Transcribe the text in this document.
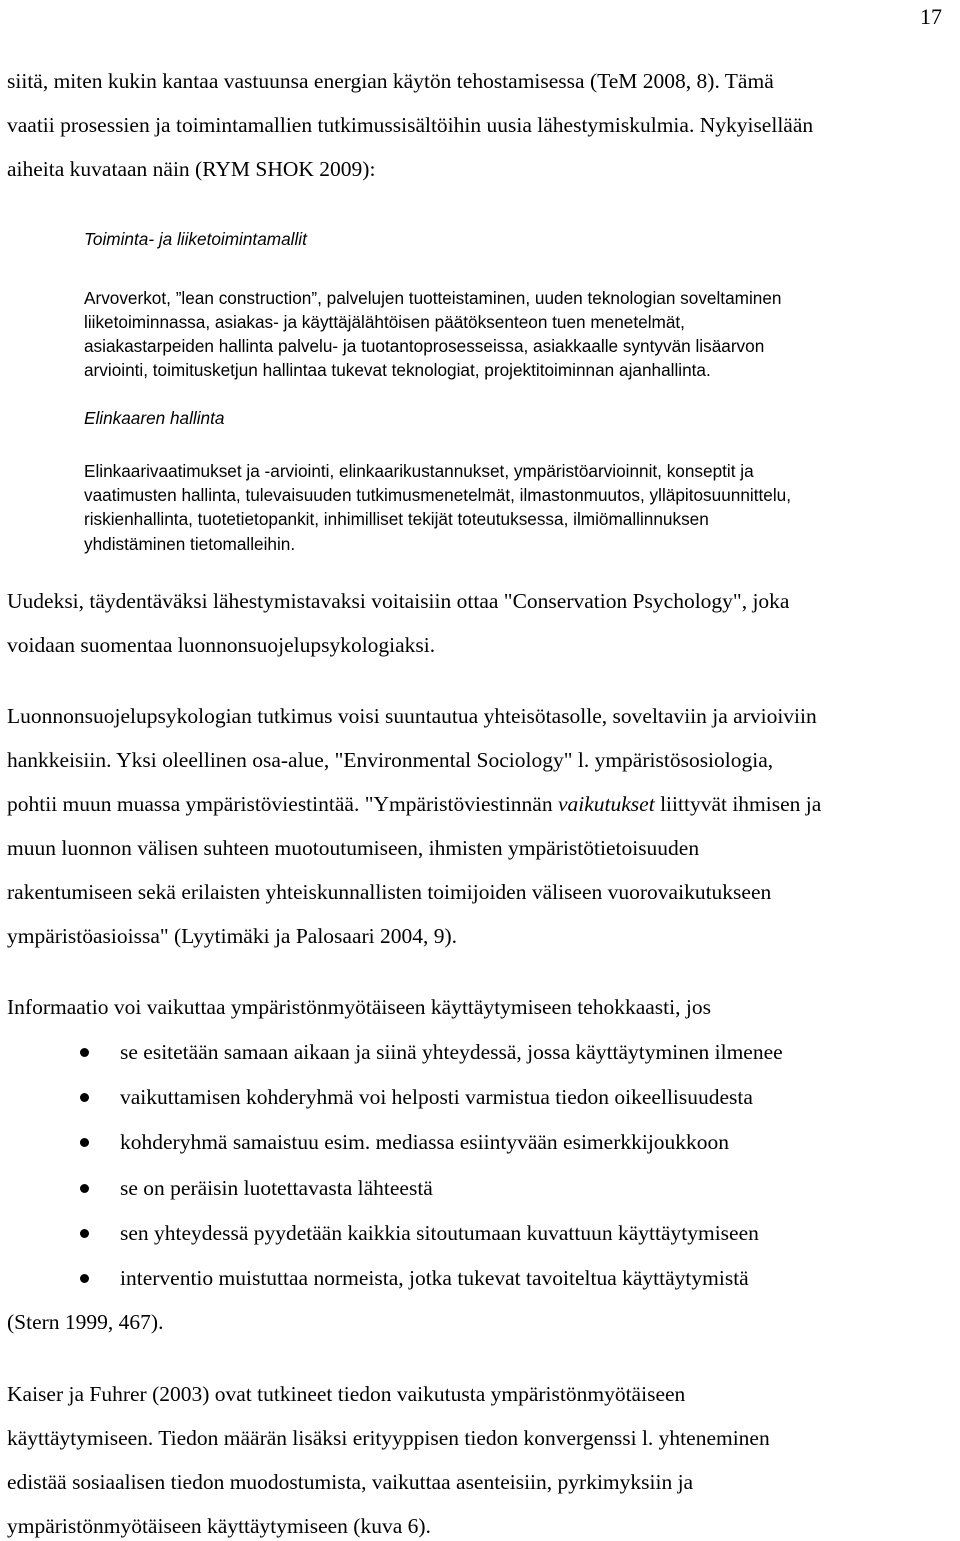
17
siitä, miten kukin kantaa vastuunsa energian käytön tehostamisessa (TeM 2008, 8). Tämä
vaatii prosessien ja toimintamallien tutkimussisältöihin uusia lähestymiskulmia. Nykyisellään
aiheita kuvataan näin (RYM SHOK 2009):
Toiminta- ja liiketoimintamallit
Arvoverkot, ”lean construction”, palvelujen tuotteistaminen, uuden teknologian soveltaminen
liiketoiminnassa, asiakas- ja käyttäjälähtöisen päätöksenteon tuen menetelmät,
asiakastarpeiden hallinta palvelu- ja tuotantoprosesseissa, asiakkaalle syntyvän lisäarvon
arviointi, toimitusketjun hallintaa tukevat teknologiat, projektitoiminnan ajanhallinta.
Elinkaaren hallinta
Elinkaarivaatimukset ja -arviointi, elinkaarikustannukset, ympäristöarvioinnit, konseptit ja
vaatimusten hallinta, tulevaisuuden tutkimusmenetelmät, ilmastonmuutos, ylläpitosuunnittelu,
riskienhallinta, tuotetietopankit, inhimilliset tekijät toteutuksessa, ilmiömallinnuksen
yhdistäminen tietomalleihin.
Uudeksi, täydentäväksi lähestymistavaksi voitaisiin ottaa "Conservation Psychology", joka
voidaan suomentaa luonnonsuojelupsykologiaksi.
Luonnonsuojelupsykologian tutkimus voisi suuntautua yhteisötasolle, soveltaviin ja arvioiviin
hankkeisiin. Yksi oleellinen osa-alue, "Environmental Sociology" l. ympäristösosiologia,
pohtii muun muassa ympäristöviestintää. "Ympäristöviestinnän vaikutukset liittyvät ihmisen ja
muun luonnon välisen suhteen muotoutumiseen, ihmisten ympäristötietoisuuden
rakentumiseen sekä erilaisten yhteiskunnallisten toimijoiden väliseen vuorovaikutukseen
ympäristöasioissa" (Lyytimäki ja Palosaari 2004, 9).
Informaatio voi vaikuttaa ympäristönmyötäiseen käyttäytymiseen tehokkaasti, jos
se esitetään samaan aikaan ja siinä yhteydessä, jossa käyttäytyminen ilmenee
vaikuttamisen kohderyhmä voi helposti varmistua tiedon oikeellisuudesta
kohderyhmä samaistuu esim. mediassa esiintyvään esimerkkijoukkoon
se on peräisin luotettavasta lähteestä
sen yhteydessä pyydetään kaikkia sitoutumaan kuvattuun käyttäytymiseen
interventio muistuttaa normeista, jotka tukevat tavoiteltua käyttäytymistä
(Stern 1999, 467).
Kaiser ja Fuhrer (2003) ovat tutkineet tiedon vaikutusta ympäristönmyötäiseen
käyttäytymiseen. Tiedon määrän lisäksi erityyppisen tiedon konvergenssi l. yhteneminen
edistää sosiaalisen tiedon muodostumista, vaikuttaa asenteisiin, pyrkimyksiin ja
ympäristönmyötäiseen käyttäytymiseen (kuva 6).
